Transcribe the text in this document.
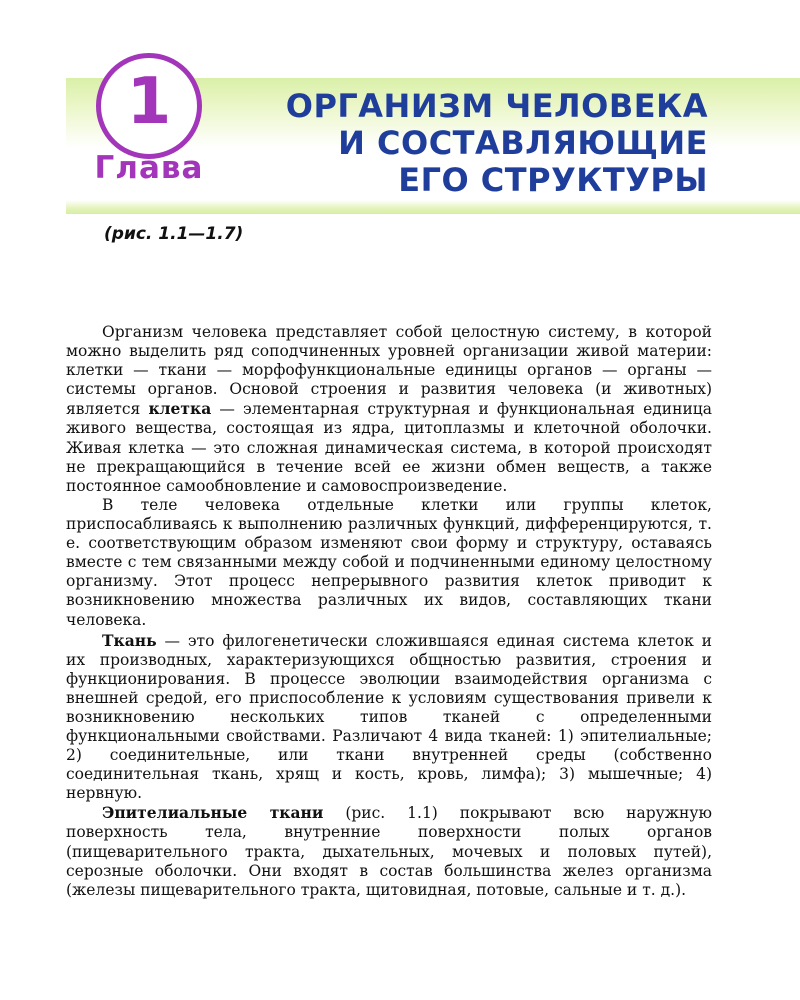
1
Глава
ОРГАНИЗМ ЧЕЛОВЕКА
И СОСТАВЛЯЮЩИЕ
ЕГО СТРУКТУРЫ
(рис. 1.1—1.7)

Организм человека представляет собой целостную систему, в которой можно выделить ряд соподчиненных уровней организации живой материи: клетки — ткани — морфофункциональные единицы органов — органы — системы органов. Основой строения и развития человека (и животных) является клетка — элементарная структурная и функциональная единица живого вещества, состоящая из ядра, цитоплазмы и клеточной оболочки. Живая клетка — это сложная динамическая система, в которой происходят не прекращающийся в течение всей ее жизни обмен веществ, а также постоянное самообновление и самовоспроизведение.

В теле человека отдельные клетки или группы клеток, приспосабливаясь к выполнению различных функций, дифференцируются, т. е. соответствующим образом изменяют свои форму и структуру, оставаясь вместе с тем связанными между собой и подчиненными единому целостному организму. Этот процесс непрерывного развития клеток приводит к возникновению множества различных их видов, составляющих ткани человека.

Ткань — это филогенетически сложившаяся единая система клеток и их производных, характеризующихся общностью развития, строения и функционирования. В процессе эволюции взаимодействия организма с внешней средой, его приспособление к условиям существования привели к возникновению нескольких типов тканей с определенными функциональными свойствами. Различают 4 вида тканей: 1) эпителиальные; 2) соединительные, или ткани внутренней среды (собственно соединительная ткань, хрящ и кость, кровь, лимфа); 3) мышечные; 4) нервную.

Эпителиальные ткани (рис. 1.1) покрывают всю наружную поверхность тела, внутренние поверхности полых органов (пищеварительного тракта, дыхательных, мочевых и половых путей), серозные оболочки. Они входят в состав большинства желез организма (железы пищеварительного тракта, щитовидная, потовые, сальные и т. д.).
